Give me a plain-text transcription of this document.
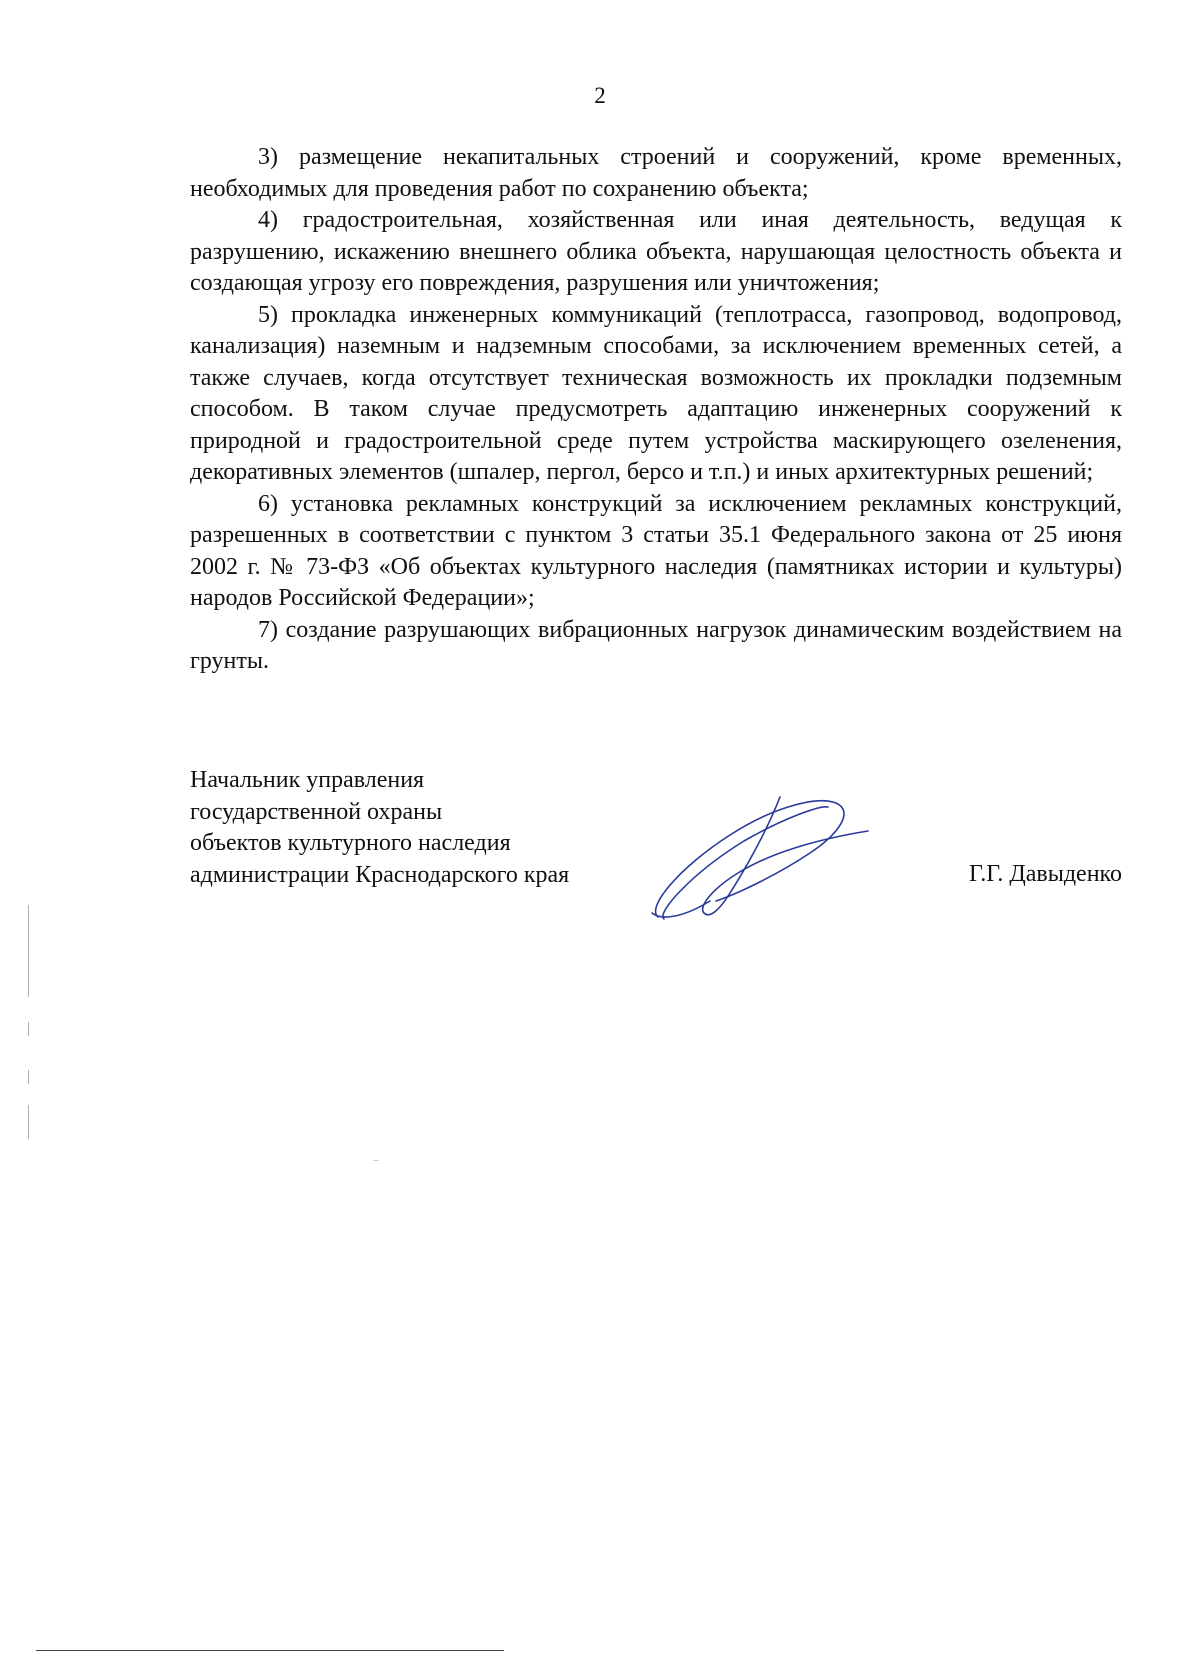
2

3) размещение некапитальных строений и сооружений, кроме временных, необходимых для проведения работ по сохранению объекта;

4) градостроительная, хозяйственная или иная деятельность, ведущая к разрушению, искажению внешнего облика объекта, нарушающая целостность объекта и создающая угрозу его повреждения, разрушения или уничтожения;

5) прокладка инженерных коммуникаций (теплотрасса, газопровод, водопровод, канализация) наземным и надземным способами, за исключением временных сетей, а также случаев, когда отсутствует техническая возможность их прокладки подземным способом. В таком случае предусмотреть адаптацию инженерных сооружений к природной и градостроительной среде путем устройства маскирующего озеленения, декоративных элементов (шпалер, пергол, берсо и т.п.) и иных архитектурных решений;

6) установка рекламных конструкций за исключением рекламных конструкций, разрешенных в соответствии с пунктом 3 статьи 35.1 Федерального закона от 25 июня 2002 г. № 73-ФЗ «Об объектах культурного наследия (памятниках истории и культуры) народов Российской Федерации»;

7) создание разрушающих вибрационных нагрузок динамическим воздействием на грунты.

Начальник управления
государственной охраны
объектов культурного наследия
администрации Краснодарского края	Г.Г. Давыденко
